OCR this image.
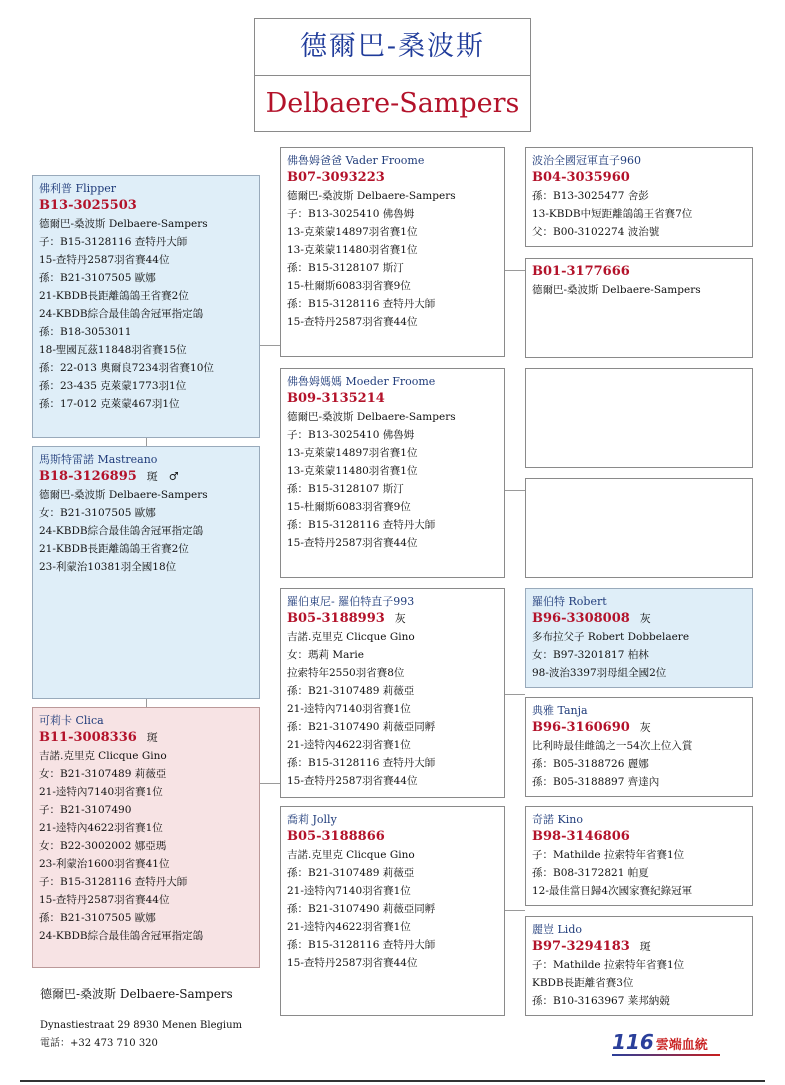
德爾巴-桑波斯
Delbaere-Sampers
佛利普 Flipper
B13-3025503
德爾巴-桑波斯 Delbaere-Sampers
子：B15-3128116 查特丹大師
15-查特丹2587羽省賽44位
孫：B21-3107505 歐娜
21-KBDB長距離鴿鴿王省賽2位
24-KBDB綜合最佳鴿舍冠軍指定鴿
孫：B18-3053011
18-聖國瓦茲11848羽省賽15位
孫：22-013 奧爾良7234羽省賽10位
孫：23-435 克萊蒙1773羽1位
孫：17-012 克萊蒙467羽1位
馬斯特雷諾 Mastreano
B18-3126895 斑　♂
德爾巴-桑波斯 Delbaere-Sampers
女：B21-3107505 歐娜
24-KBDB綜合最佳鴿舍冠軍指定鴿
21-KBDB長距離鴿鴿王省賽2位
23-利蒙治10381羽全國18位
可莉卡 Clica
B11-3008336 斑
吉諾.克里克 Clicque Gino
女：B21-3107489 莉薇亞
21-逵特內7140羽省賽1位
子：B21-3107490
21-逵特內4622羽省賽1位
女：B22-3002002 娜亞瑪
23-利蒙治1600羽省賽41位
子：B15-3128116 查特丹大師
15-查特丹2587羽省賽44位
孫：B21-3107505 歐娜
24-KBDB綜合最佳鴿舍冠軍指定鴿
佛魯姆爸爸 Vader Froome
B07-3093223
德爾巴-桑波斯 Delbaere-Sampers
子：B13-3025410 佛魯姆
13-克萊蒙14897羽省賽1位
13-克萊蒙11480羽省賽1位
孫：B15-3128107 斯汀
15-杜爾斯6083羽省賽9位
孫：B15-3128116 查特丹大師
15-查特丹2587羽省賽44位
佛魯姆媽媽 Moeder Froome
B09-3135214
德爾巴-桑波斯 Delbaere-Sampers
子：B13-3025410 佛魯姆
13-克萊蒙14897羽省賽1位
13-克萊蒙11480羽省賽1位
孫：B15-3128107 斯汀
15-杜爾斯6083羽省賽9位
孫：B15-3128116 查特丹大師
15-查特丹2587羽省賽44位
羅伯東尼- 羅伯特直子993
B05-3188993 灰
吉諾.克里克 Clicque Gino
女：瑪莉 Marie
拉索特年2550羽省賽8位
孫：B21-3107489 莉薇亞
21-逵特內7140羽省賽1位
孫：B21-3107490 莉薇亞同孵
21-逵特內4622羽省賽1位
孫：B15-3128116 查特丹大師
15-查特丹2587羽省賽44位
喬莉 Jolly
B05-3188866
吉諾.克里克 Clicque Gino
孫：B21-3107489 莉薇亞
21-逵特內7140羽省賽1位
孫：B21-3107490 莉薇亞同孵
21-逵特內4622羽省賽1位
孫：B15-3128116 查特丹大師
15-查特丹2587羽省賽44位
波治全國冠軍直子960
B04-3035960
孫：B13-3025477 舍彭
13-KBDB中短距離鴿鴿王省賽7位
父：B00-3102274 波治號
B01-3177666
德爾巴-桑波斯 Delbaere-Sampers
羅伯特 Robert
B96-3308008 灰
多布拉父子 Robert Dobbelaere
女：B97-3201817 柏林
98-波治3397羽母組全國2位
典雅 Tanja
B96-3160690 灰
比利時最佳雌鴿之一54次上位入賞
孫：B05-3188726 麗娜
孫：B05-3188897 齊達內
奇諾 Kino
B98-3146806
子：Mathilde 拉索特年省賽1位
孫：B08-3172821 帕夏
12-最佳當日歸4次國家賽紀錄冠軍
麗豈 Lido
B97-3294183 斑
子：Mathilde 拉索特年省賽1位
KBDB長距離省賽3位
孫：B10-3163967 莱邦納競
德爾巴-桑波斯 Delbaere-Sampers
Dynastiestraat 29 8930 Menen Blegium
電話：+32 473 710 320	116 雲端血統
